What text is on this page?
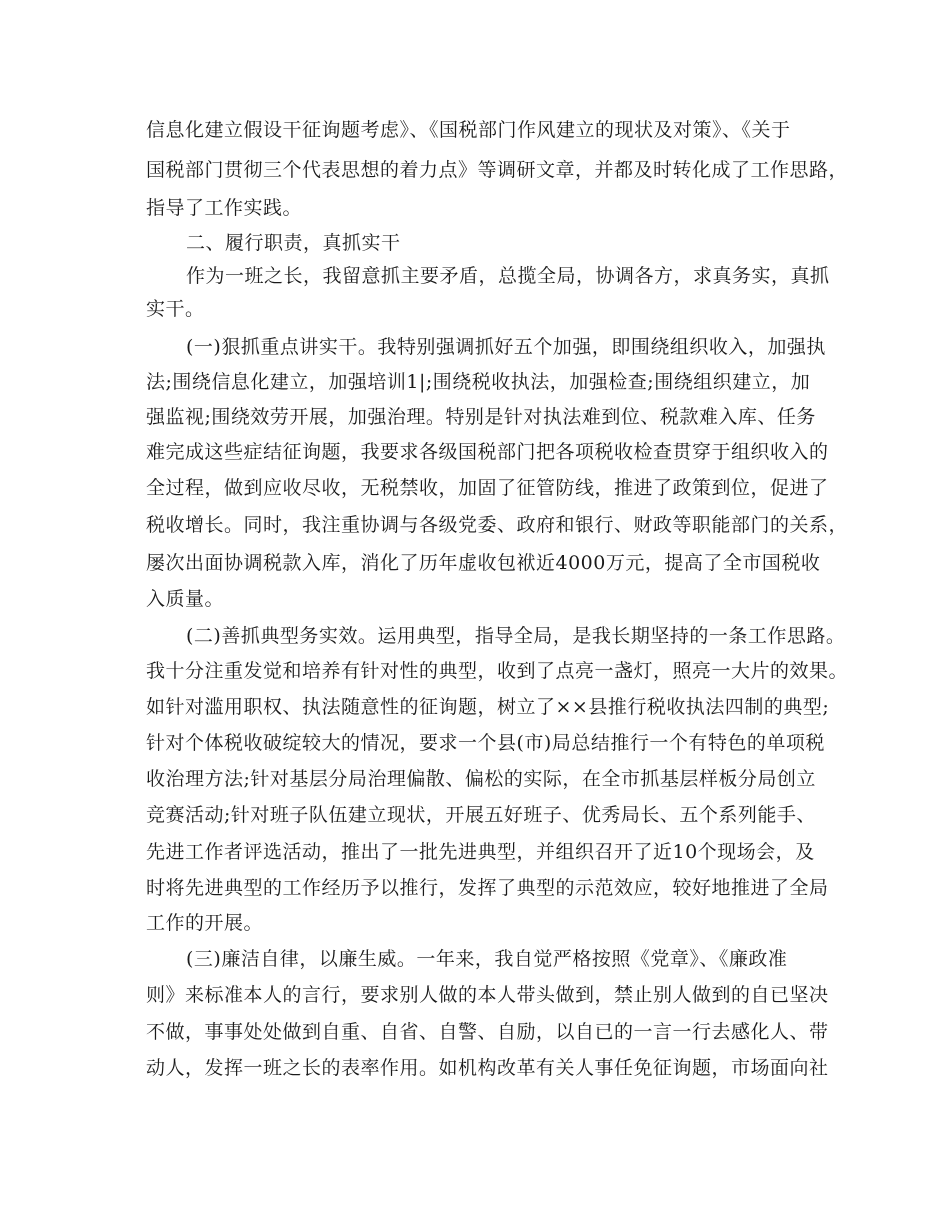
信息化建立假设干征询题考虑》、《国税部门作风建立的现状及对策》、《关于
国税部门贯彻三个代表思想的着力点》等调研文章，并都及时转化成了工作思路，
指导了工作实践。
二、履行职责，真抓实干
作为一班之长，我留意抓主要矛盾，总揽全局，协调各方，求真务实，真抓
实干。
(一)狠抓重点讲实干。我特别强调抓好五个加强，即围绕组织收入，加强执
法;围绕信息化建立，加强培训1|;围绕税收执法，加强检查;围绕组织建立，加
强监视;围绕效劳开展，加强治理。特别是针对执法难到位、税款难入库、任务
难完成这些症结征询题，我要求各级国税部门把各项税收检查贯穿于组织收入的
全过程，做到应收尽收，无税禁收，加固了征管防线，推进了政策到位，促进了
税收增长。同时，我注重协调与各级党委、政府和银行、财政等职能部门的关系，
屡次出面协调税款入库，消化了历年虚收包袱近4000万元，提高了全市国税收
入质量。
(二)善抓典型务实效。运用典型，指导全局，是我长期坚持的一条工作思路。
我十分注重发觉和培养有针对性的典型，收到了点亮一盏灯，照亮一大片的效果。
如针对滥用职权、执法随意性的征询题，树立了××县推行税收执法四制的典型;
针对个体税收破绽较大的情况，要求一个县(市)局总结推行一个有特色的单项税
收治理方法;针对基层分局治理偏散、偏松的实际，在全市抓基层样板分局创立
竞赛活动;针对班子队伍建立现状，开展五好班子、优秀局长、五个系列能手、
先进工作者评选活动，推出了一批先进典型，并组织召开了近10个现场会，及
时将先进典型的工作经历予以推行，发挥了典型的示范效应，较好地推进了全局
工作的开展。
(三)廉洁自律，以廉生威。一年来，我自觉严格按照《党章》、《廉政准
则》来标准本人的言行，要求别人做的本人带头做到，禁止别人做到的自已坚决
不做，事事处处做到自重、自省、自警、自励，以自已的一言一行去感化人、带
动人，发挥一班之长的表率作用。如机构改革有关人事任免征询题，市场面向社
